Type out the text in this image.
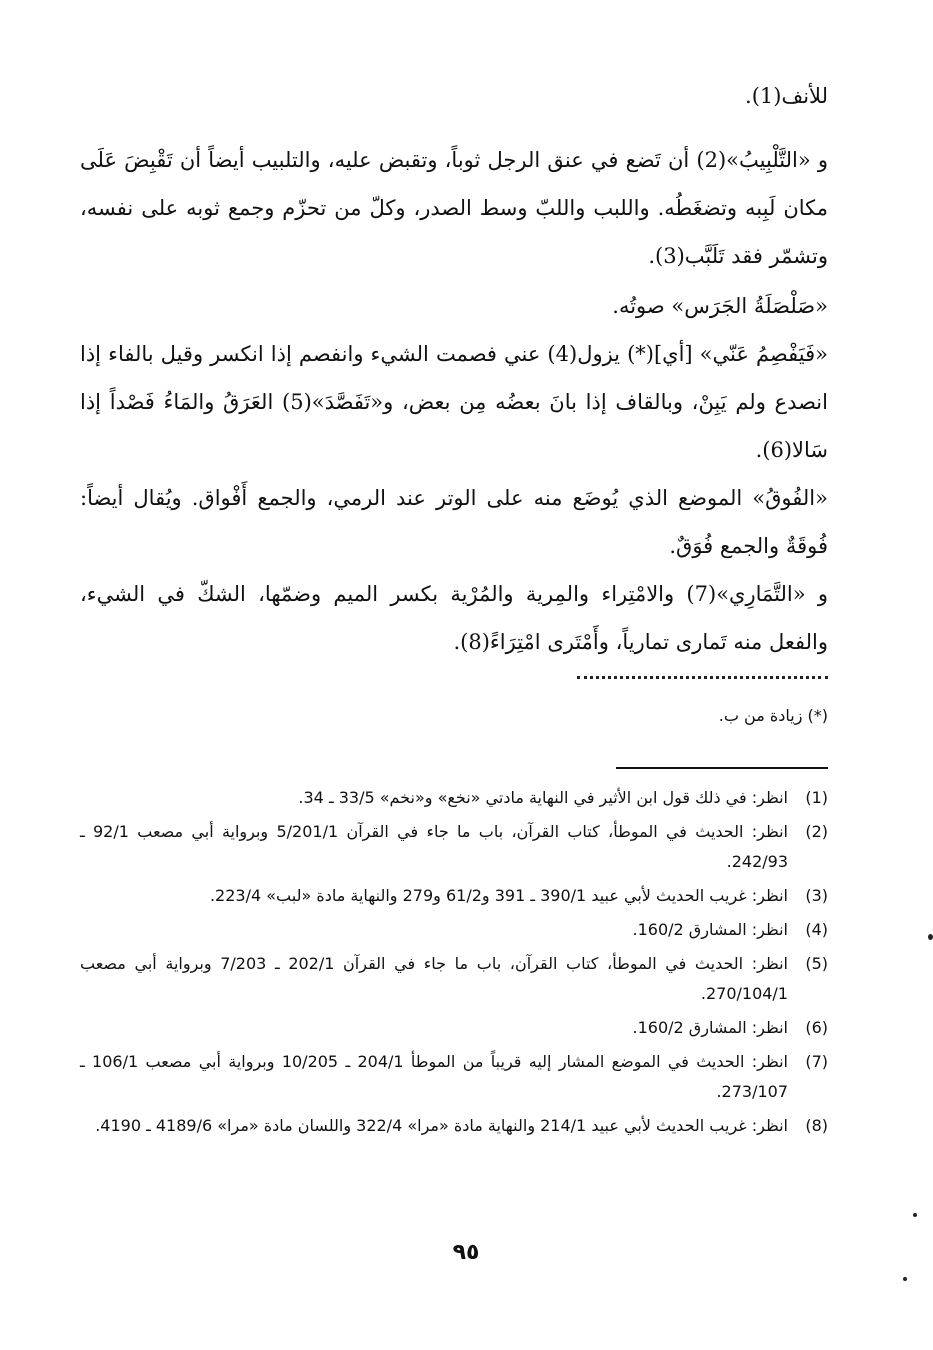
للأنف(1).
و «التَّلْبِيبُ»(2) أن تَضع في عنق الرجل ثوباً، وتقبض عليه، والتلبيب أيضاً أن تَقْبِضَ عَلَى مكان لَبِبه وتضغَطُه. واللبب واللبّ وسط الصدر، وكلّ من تحزّم وجمع ثوبه على نفسه، وتشمّر فقد تَلَبَّب(3).
«صَلْصَلَةُ الجَرَس» صوتُه.
«فَيَفْصِمُ عَنّي» [أي](*) يزول(4) عني فصمت الشيء وانفصم إذا انكسر وقيل بالفاء إذا انصدع ولم يَبِنْ، وبالقاف إذا بانَ بعضُه مِن بعض، و«تَفَصَّدَ»(5) العَرَقُ والمَاءُ فَصْداً إذا سَالا(6).
«الفُوقُ» الموضع الذي يُوضَع منه على الوتر عند الرمي، والجمع أَفْواق. ويُقال أيضاً: فُوقَةٌ والجمع فُوَقٌ.
و «التَّمَارِي»(7) والامْتِراء والمِرية والمُرْية بكسر الميم وضمّها، الشكّ في الشيء، والفعل منه تَمارى تمارياً، وأَمْتَرى امْتِرَاءً(8).
(*) زيادة من ب.
(1)
انظر: في ذلك قول ابن الأثير في النهاية مادتي «نخع» و«نخم» 33/5 ـ 34.
(2)
انظر: الحديث في الموطأ، كتاب القرآن، باب ما جاء في القرآن 5/201/1 وبرواية أبي مصعب 92/1 ـ 242/93.
(3)
انظر: غريب الحديث لأبي عبيد 390/1 ـ 391 و61/2 و279 والنهاية مادة «لبب» 223/4.
(4)
انظر: المشارق 160/2.
(5)
انظر: الحديث في الموطأ، كتاب القرآن، باب ما جاء في القرآن 202/1 ـ 7/203 وبرواية أبي مصعب 270/104/1.
(6)
انظر: المشارق 160/2.
(7)
انظر: الحديث في الموضع المشار إليه قريباً من الموطأ 204/1 ـ 10/205 وبرواية أبي مصعب 106/1 ـ 273/107.
(8)
انظر: غريب الحديث لأبي عبيد 214/1 والنهاية مادة «مرا» 322/4 واللسان مادة «مرا» 4189/6 ـ 4190.
٩٥
